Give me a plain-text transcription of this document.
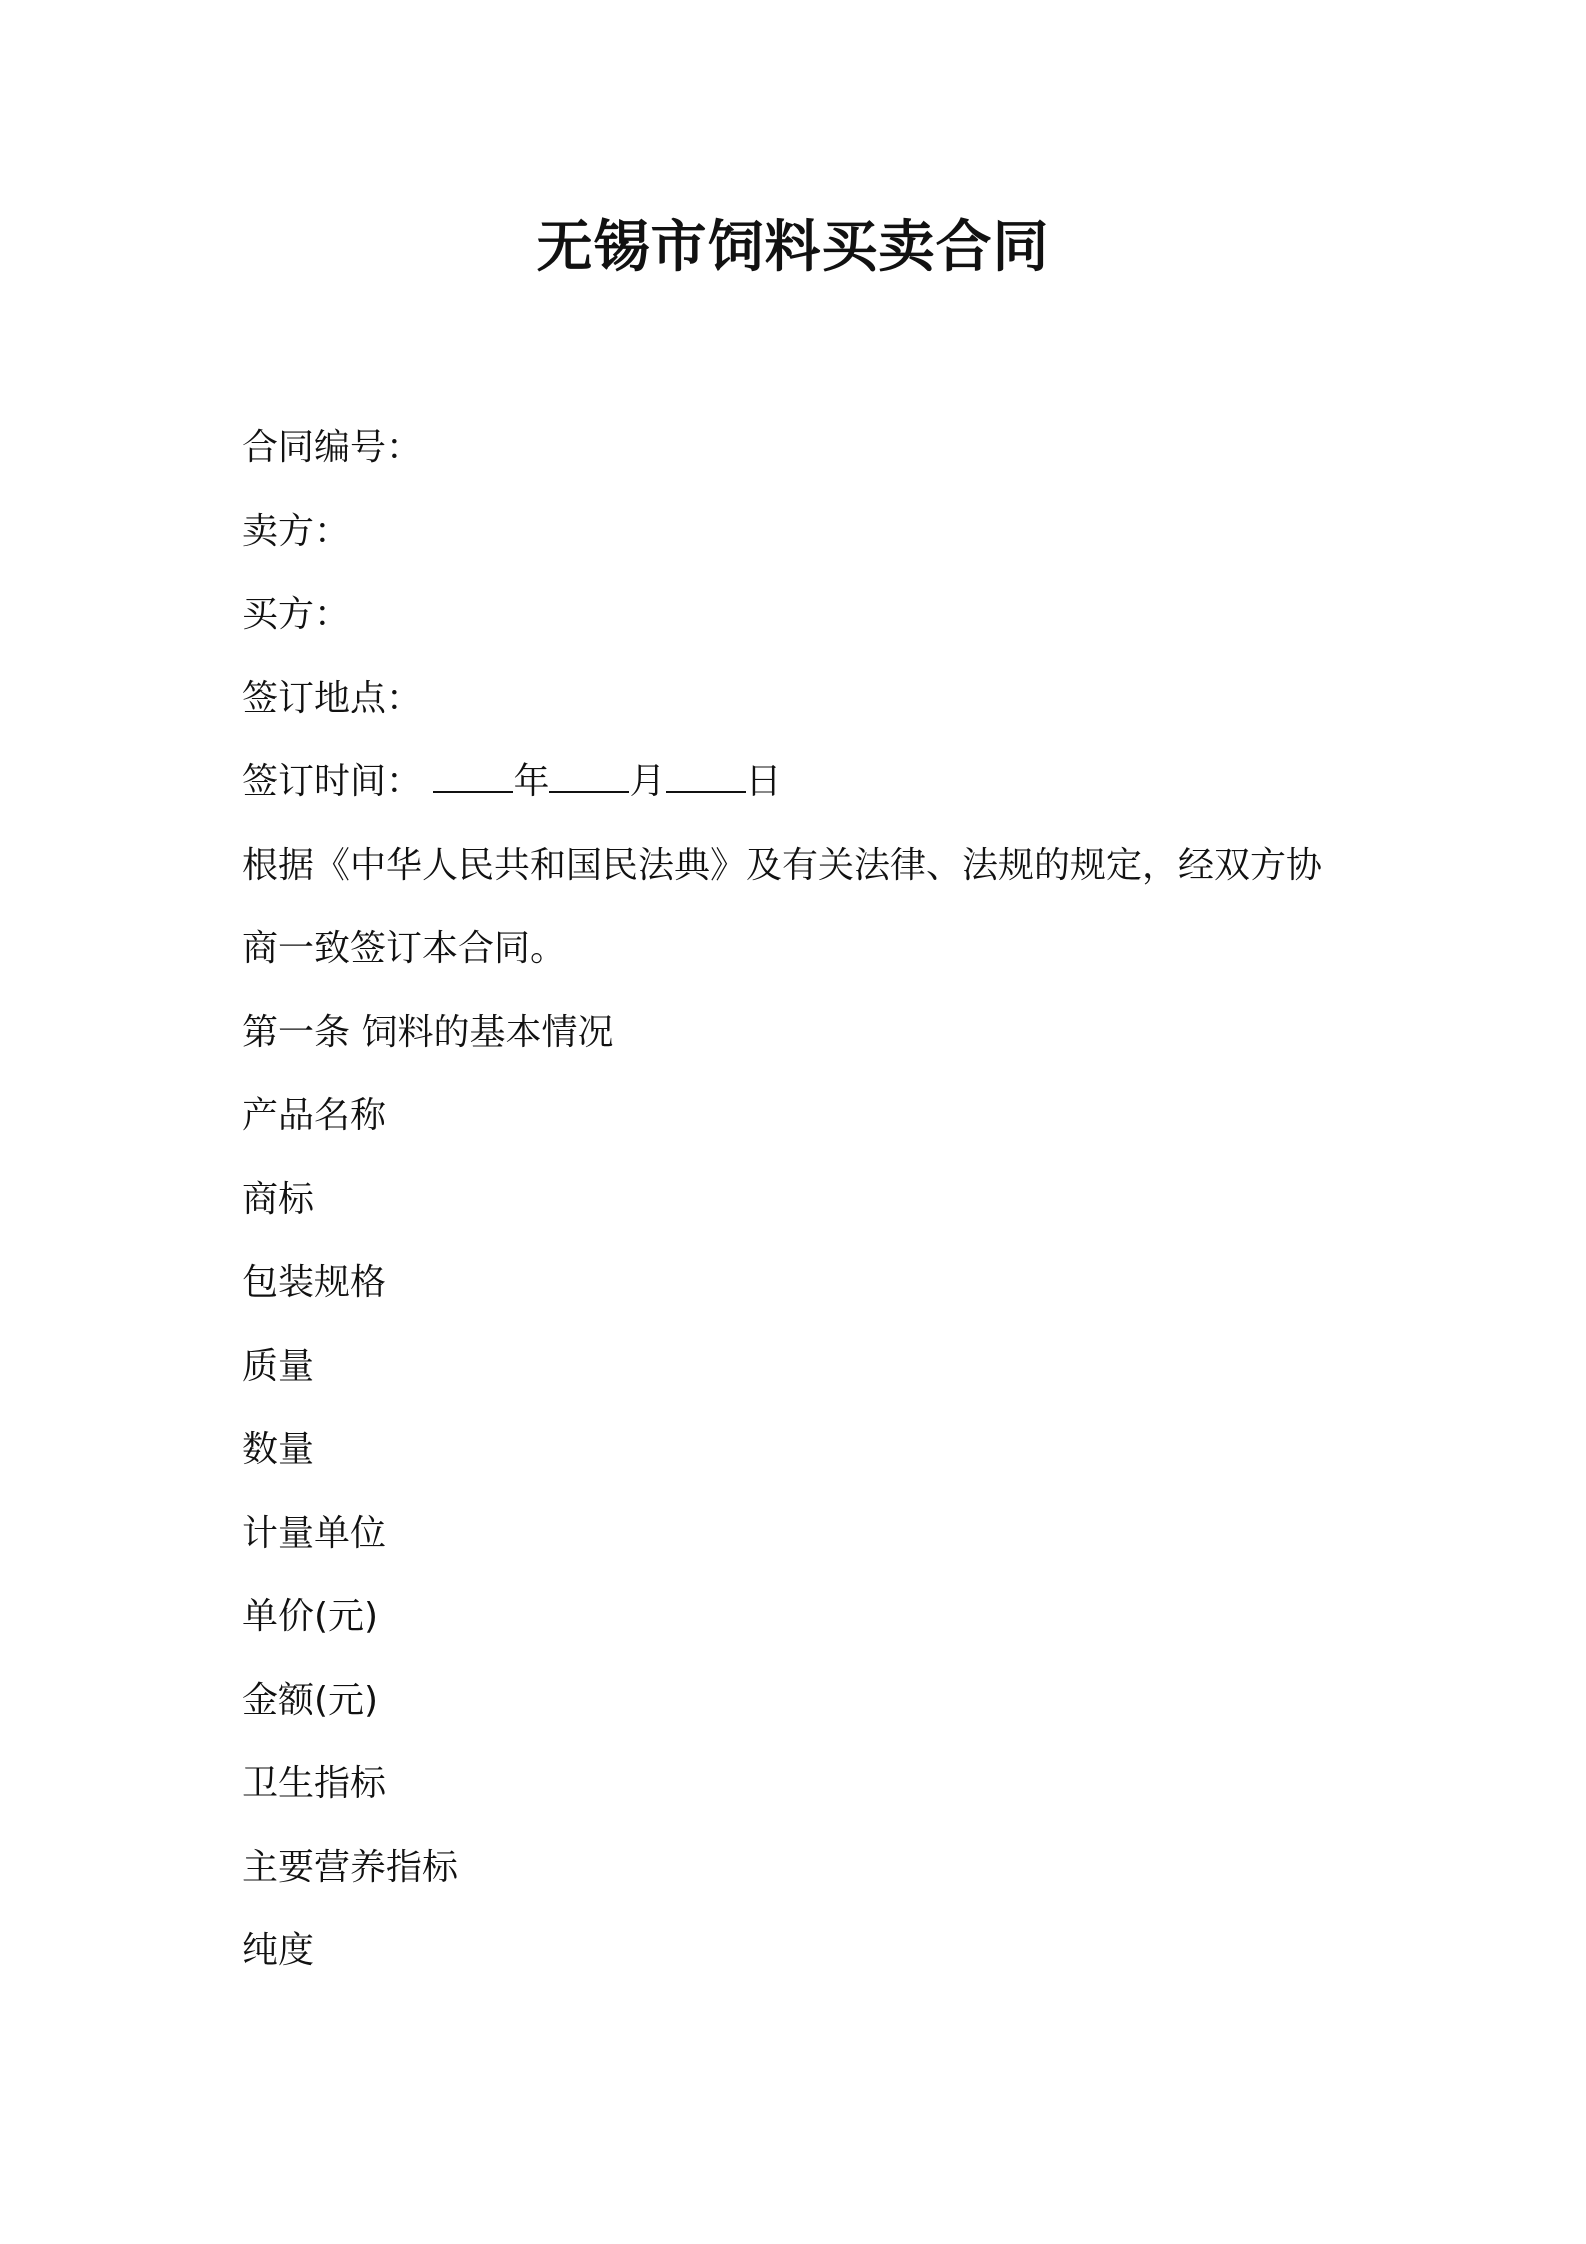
无锡市饲料买卖合同
合同编号：
卖方：
买方：
签订地点：
签订时间：	年 月 日
根据《中华人民共和国民法典》及有关法律、法规的规定，经双方协
商一致签订本合同。
第一条 饲料的基本情况
产品名称
商标
包装规格
质量
数量
计量单位
单价(元)
金额(元)
卫生指标
主要营养指标
纯度
